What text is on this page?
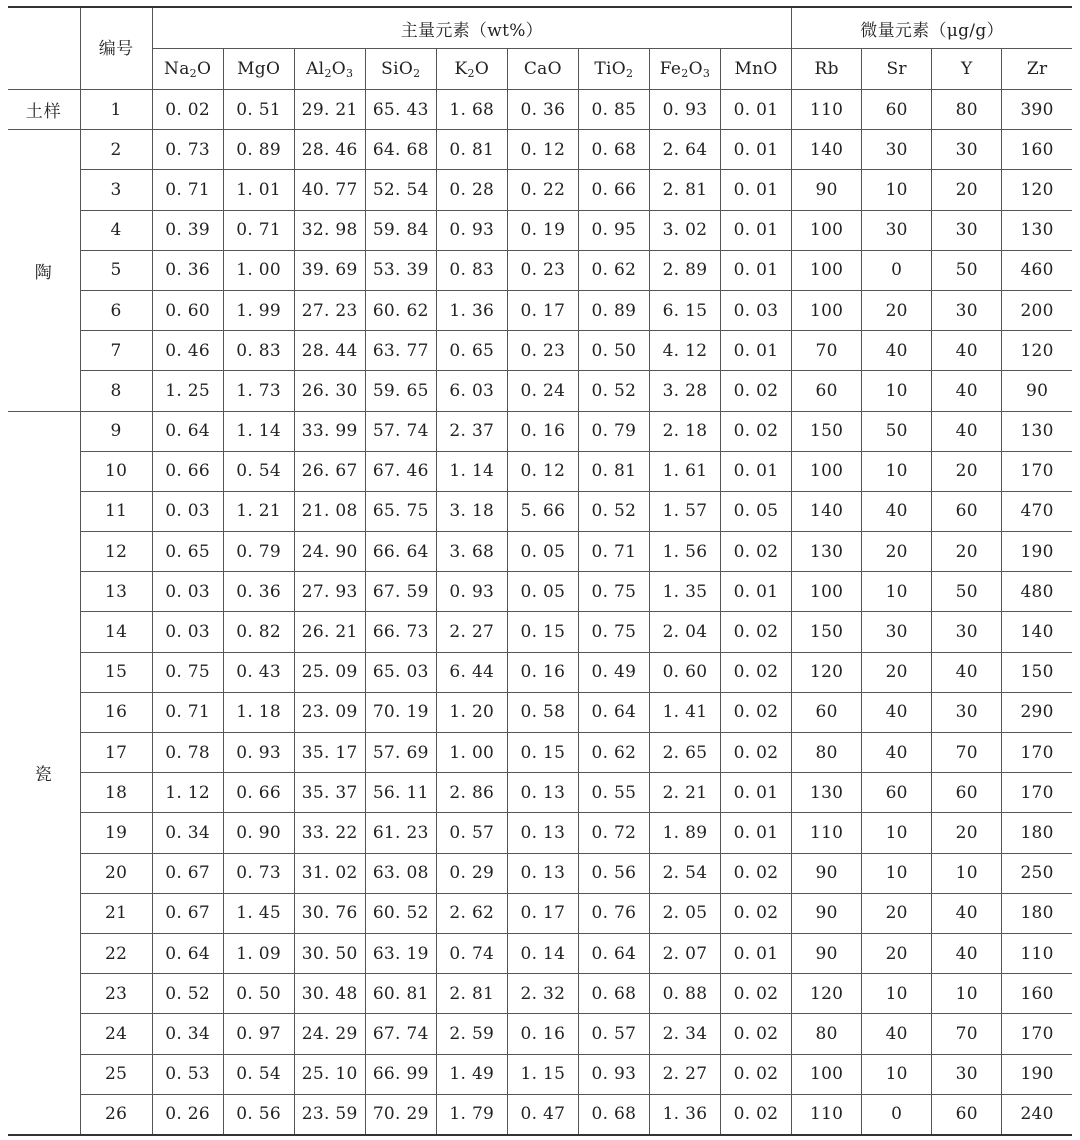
	编号	主量元素（wt%）									微量元素（μg/g）			
		$Na_2O$	MgO	$Al_2O_3$	SiO$_2$	$K_2O$	CaO	TiO$_2$	$Fe_2O_3$	MnO	Rb	Sr	Y	Zr
土样	1	0. 02	0. 51	29. 21	65. 43	1. 68	0. 36	0. 85	0. 93	0. 01	110	60	80	390
陶	2	0. 73	0. 89	28. 46	64. 68	0. 81	0. 12	0. 68	2. 64	0. 01	140	30	30	160
	3	0. 71	1. 01	40. 77	52. 54	0. 28	0. 22	0. 66	2. 81	0. 01	90	10	20	120
	4	0. 39	0. 71	32. 98	59. 84	0. 93	0. 19	0. 95	3. 02	0. 01	100	30	30	130
	5	0. 36	1. 00	39. 69	53. 39	0. 83	0. 23	0. 62	2. 89	0. 01	100	0	50	460
	6	0. 60	1. 99	27. 23	60. 62	1. 36	0. 17	0. 89	6. 15	0. 03	100	20	30	200
	7	0. 46	0. 83	28. 44	63. 77	0. 65	0. 23	0. 50	4. 12	0. 01	70	40	40	120
	8	1. 25	1. 73	26. 30	59. 65	6. 03	0. 24	0. 52	3. 28	0. 02	60	10	40	90
瓷	9	0. 64	1. 14	33. 99	57. 74	2. 37	0. 16	0. 79	2. 18	0. 02	150	50	40	130
	10	0. 66	0. 54	26. 67	67. 46	1. 14	0. 12	0. 81	1. 61	0. 01	100	10	20	170
	11	0. 03	1. 21	21. 08	65. 75	3. 18	5. 66	0. 52	1. 57	0. 05	140	40	60	470
	12	0. 65	0. 79	24. 90	66. 64	3. 68	0. 05	0. 71	1. 56	0. 02	130	20	20	190
	13	0. 03	0. 36	27. 93	67. 59	0. 93	0. 05	0. 75	1. 35	0. 01	100	10	50	480
	14	0. 03	0. 82	26. 21	66. 73	2. 27	0. 15	0. 75	2. 04	0. 02	150	30	30	140
	15	0. 75	0. 43	25. 09	65. 03	6. 44	0. 16	0. 49	0. 60	0. 02	120	20	40	150
	16	0. 71	1. 18	23. 09	70. 19	1. 20	0. 58	0. 64	1. 41	0. 02	60	40	30	290
	17	0. 78	0. 93	35. 17	57. 69	1. 00	0. 15	0. 62	2. 65	0. 02	80	40	70	170
	18	1. 12	0. 66	35. 37	56. 11	2. 86	0. 13	0. 55	2. 21	0. 01	130	60	60	170
	19	0. 34	0. 90	33. 22	61. 23	0. 57	0. 13	0. 72	1. 89	0. 01	110	10	20	180
	20	0. 67	0. 73	31. 02	63. 08	0. 29	0. 13	0. 56	2. 54	0. 02	90	10	10	250
	21	0. 67	1. 45	30. 76	60. 52	2. 62	0. 17	0. 76	2. 05	0. 02	90	20	40	180
	22	0. 64	1. 09	30. 50	63. 19	0. 74	0. 14	0. 64	2. 07	0. 01	90	20	40	110
	23	0. 52	0. 50	30. 48	60. 81	2. 81	2. 32	0. 68	0. 88	0. 02	120	10	10	160
	24	0. 34	0. 97	24. 29	67. 74	2. 59	0. 16	0. 57	2. 34	0. 02	80	40	70	170
	25	0. 53	0. 54	25. 10	66. 99	1. 49	1. 15	0. 93	2. 27	0. 02	100	10	30	190
	26	0. 26	0. 56	23. 59	70. 29	1. 79	0. 47	0. 68	1. 36	0. 02	110	0	60	240
